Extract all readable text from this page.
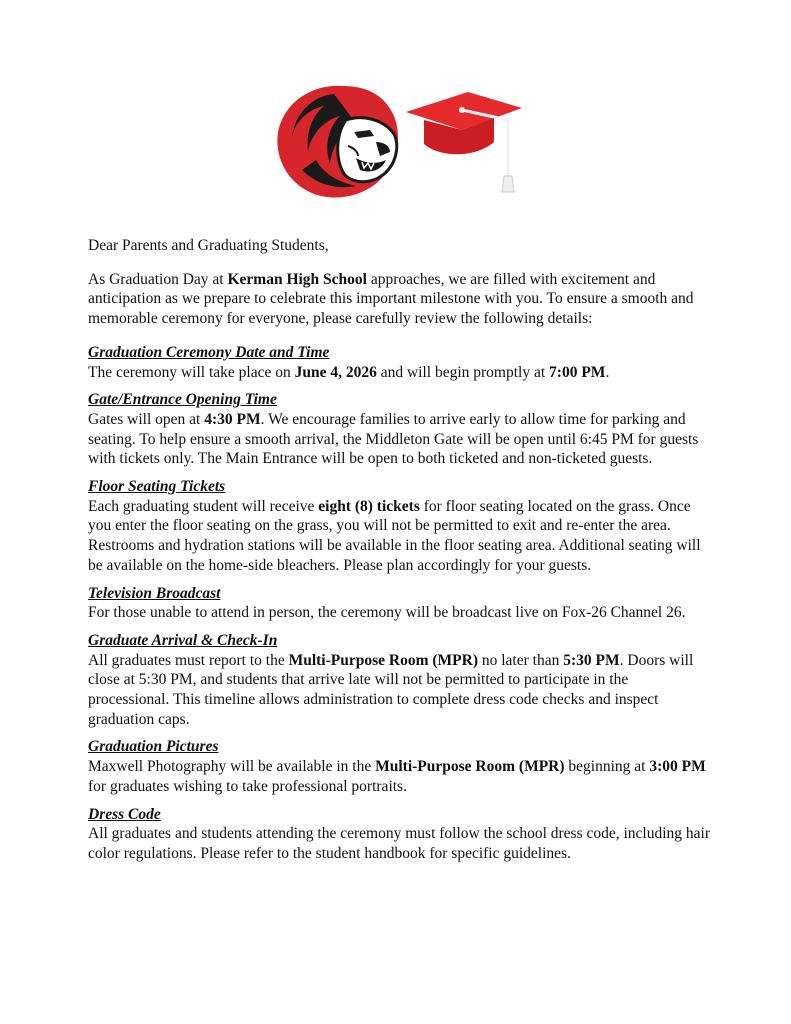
Dear Parents and Graduating Students,

As Graduation Day at Kerman High School approaches, we are filled with excitement and anticipation as we prepare to celebrate this important milestone with you. To ensure a smooth and memorable ceremony for everyone, please carefully review the following details:

Graduation Ceremony Date and Time

The ceremony will take place on June 4, 2026 and will begin promptly at 7:00 PM.

Gate/Entrance Opening Time

Gates will open at 4:30 PM. We encourage families to arrive early to allow time for parking and seating. To help ensure a smooth arrival, the Middleton Gate will be open until 6:45 PM for guests with tickets only. The Main Entrance will be open to both ticketed and non-ticketed guests.

Floor Seating Tickets

Each graduating student will receive eight (8) tickets for floor seating located on the grass. Once you enter the floor seating on the grass, you will not be permitted to exit and re-enter the area. Restrooms and hydration stations will be available in the floor seating area. Additional seating will be available on the home-side bleachers. Please plan accordingly for your guests.

Television Broadcast

For those unable to attend in person, the ceremony will be broadcast live on Fox-26 Channel 26.

Graduate Arrival & Check-In

All graduates must report to the Multi-Purpose Room (MPR) no later than 5:30 PM. Doors will close at 5:30 PM, and students that arrive late will not be permitted to participate in the processional. This timeline allows administration to complete dress code checks and inspect graduation caps.

Graduation Pictures

Maxwell Photography will be available in the Multi-Purpose Room (MPR) beginning at 3:00 PM for graduates wishing to take professional portraits.

Dress Code

All graduates and students attending the ceremony must follow the school dress code, including hair color regulations. Please refer to the student handbook for specific guidelines.
